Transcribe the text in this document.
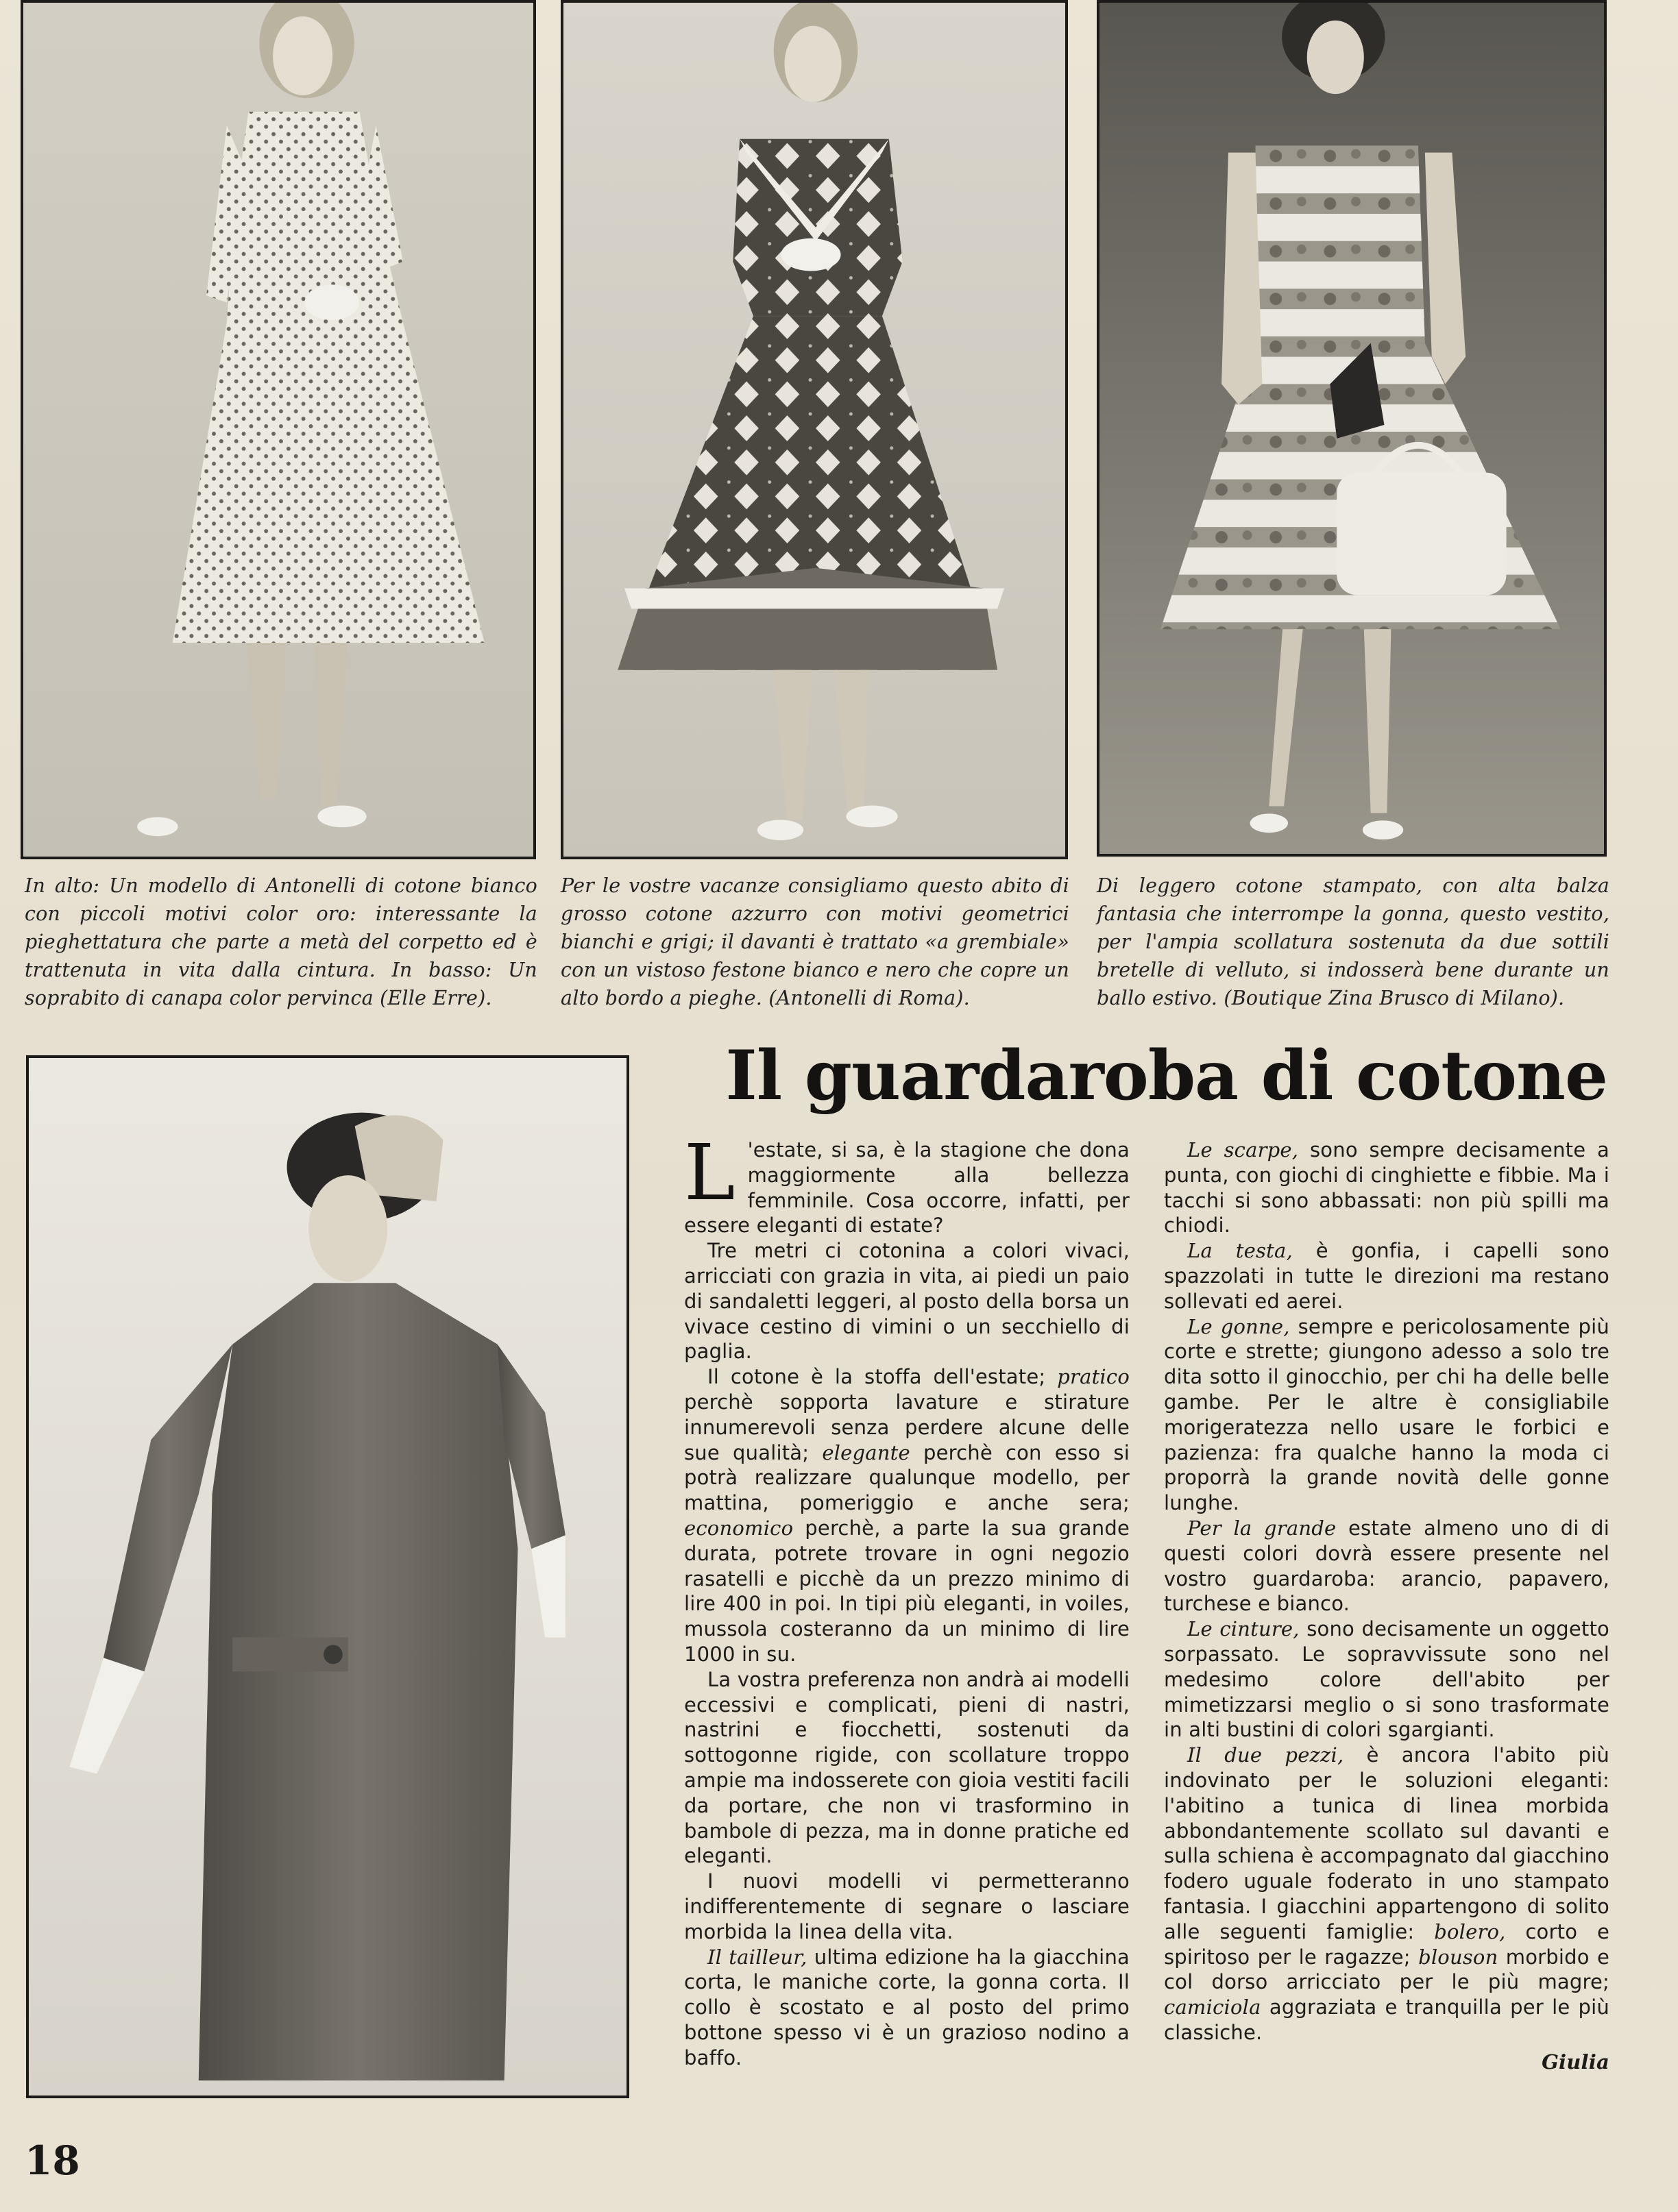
In alto: Un modello di Antonelli di cotone bianco con piccoli motivi color oro: interessante la pieghettatura che parte a metà del corpetto ed è trattenuta in vita dalla cintura. In basso: Un soprabito di canapa color pervinca (Elle Erre).

Per le vostre vacanze consigliamo questo abito di grosso cotone azzurro con motivi geometrici bianchi e grigi; il davanti è trattato «a grembiale» con un vistoso festone bianco e nero che copre un alto bordo a pieghe. (Antonelli di Roma).

Di leggero cotone stampato, con alta balza fantasia che interrompe la gonna, questo vestito, per l'ampia scollatura sostenuta da due sottili bretelle di velluto, si indosserà bene durante un ballo estivo. (Boutique Zina Brusco di Milano).

Il guardaroba di cotone

L 'estate, si sa, è la stagione che dona maggiormente alla bellezza femminile. Cosa occorre, infatti, per essere eleganti di estate?

Tre metri ci cotonina a colori vivaci, arricciati con grazia in vita, ai piedi un paio di sandaletti leggeri, al posto della borsa un vivace cestino di vimini o un secchiello di paglia.

Il cotone è la stoffa dell'estate; pratico perchè sopporta lavature e stirature innumerevoli senza perdere alcune delle sue qualità; elegante perchè con esso si potrà realizzare qualunque modello, per mattina, pomeriggio e anche sera; economico perchè, a parte la sua grande durata, potrete trovare in ogni negozio rasatelli e picchè da un prezzo minimo di lire 400 in poi. In tipi più eleganti, in voiles, mussola costeranno da un minimo di lire 1000 in su.

La vostra preferenza non andrà ai modelli eccessivi e complicati, pieni di nastri, nastrini e fiocchetti, sostenuti da sottogonne rigide, con scollature troppo ampie ma indosserete con gioia vestiti facili da portare, che non vi trasformino in bambole di pezza, ma in donne pratiche ed eleganti.

I nuovi modelli vi permetteranno indifferentemente di segnare o lasciare morbida la linea della vita.

Il tailleur, ultima edizione ha la giacchina corta, le maniche corte, la gonna corta. Il collo è scostato e al posto del primo bottone spesso vi è un grazioso nodino a baffo.

Le scarpe, sono sempre decisamente a punta, con giochi di cinghiette e fibbie. Ma i tacchi si sono abbassati: non più spilli ma chiodi.

La testa, è gonfia, i capelli sono spazzolati in tutte le direzioni ma restano sollevati ed aerei.

Le gonne, sempre e pericolosamente più corte e strette; giungono adesso a solo tre dita sotto il ginocchio, per chi ha delle belle gambe. Per le altre è consigliabile morigeratezza nello usare le forbici e pazienza: fra qualche hanno la moda ci proporrà la grande novità delle gonne lunghe.

Per la grande estate almeno uno di di questi colori dovrà essere presente nel vostro guardaroba: arancio, papavero, turchese e bianco.

Le cinture, sono decisamente un oggetto sorpassato. Le sopravvissute sono nel medesimo colore dell'abito per mimetizzarsi meglio o si sono trasformate in alti bustini di colori sgargianti.

Il due pezzi, è ancora l'abito più indovinato per le soluzioni eleganti: l'abitino a tunica di linea morbida abbondantemente scollato sul davanti e sulla schiena è accompagnato dal giacchino fodero uguale foderato in uno stampato fantasia. I giacchini appartengono di solito alle seguenti famiglie: bolero, corto e spiritoso per le ragazze; blouson morbido e col dorso arricciato per le più magre; camiciola aggraziata e tranquilla per le più classiche.

Giulia

18
